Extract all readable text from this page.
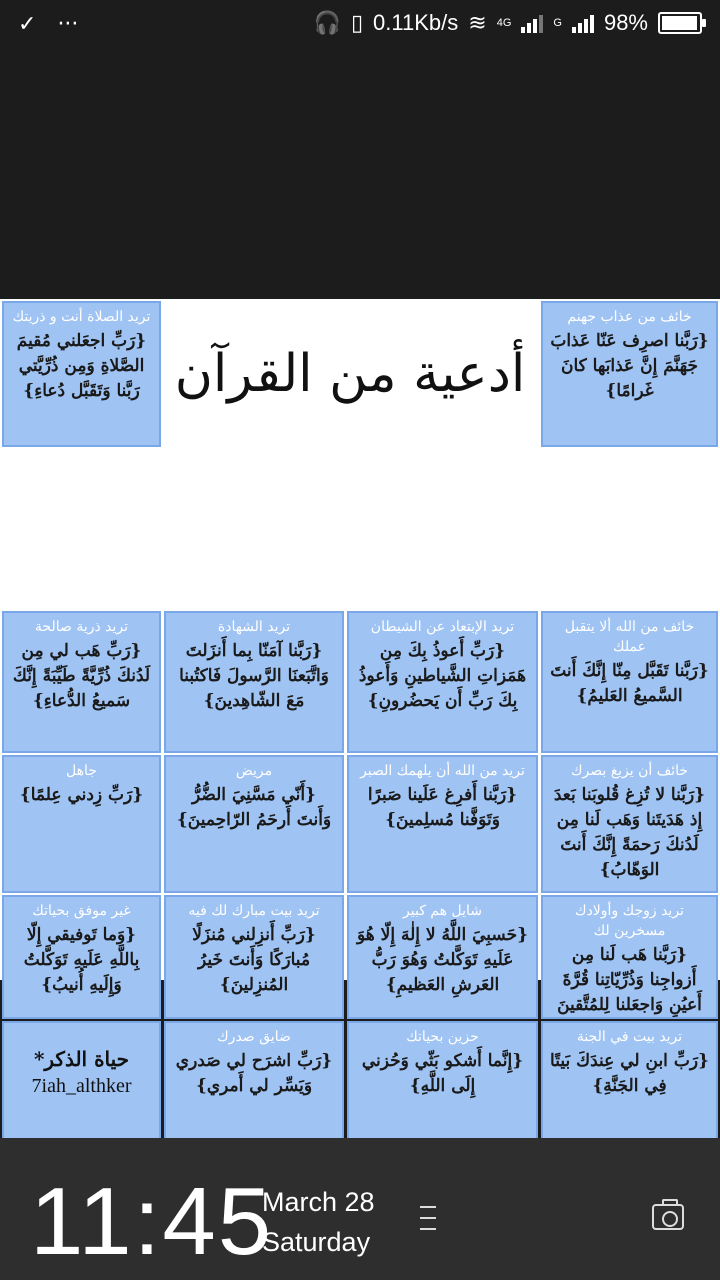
✓ ···	🎧 ▯ 0.11Kb/s ≋ 4G	G 98%
أدعية من القرآن
خائف من عذاب جهنم
{رَبَّنا اصرِف عَنّا عَذابَ جَهَنَّمَ إِنَّ عَذابَها كانَ غَرامًا}
تريد الصلاة أنت و ذريتك
{رَبِّ اجعَلني مُقيمَ الصَّلاةِ وَمِن ذُرِّيَّتي رَبَّنا وَتَقَبَّل دُعاءِ}
خائف من الله ألا يتقبل عملك
{رَبَّنا تَقَبَّل مِنّا إِنَّكَ أَنتَ السَّميعُ العَليمُ}
تريد الإبتعاد عن الشيطان
{رَبِّ أَعوذُ بِكَ مِن هَمَزاتِ الشَّياطينِ وَأَعوذُ بِكَ رَبِّ أَن يَحضُرونِ}
تريد الشهادة
{رَبَّنا آمَنّا بِما أَنزَلتَ وَاتَّبَعنَا الرَّسولَ فَاكتُبنا مَعَ الشّاهِدينَ}
تريد ذرية صالحة
{رَبِّ هَب لي مِن لَدُنكَ ذُرِّيَّةً طَيِّبَةً إِنَّكَ سَميعُ الدُّعاءِ}
خائف أن يزيغ بصرك
{رَبَّنا لا تُزِغ قُلوبَنا بَعدَ إِذ هَدَيتَنا وَهَب لَنا مِن لَدُنكَ رَحمَةً إِنَّكَ أَنتَ الوَهّابُ}
تريد من الله أن يلهمك الصبر
{رَبَّنا أَفرِغ عَلَينا صَبرًا وَتَوَفَّنا مُسلِمينَ}
مريض
{أَنّي مَسَّنِيَ الضُّرُّ وَأَنتَ أَرحَمُ الرّاحِمينَ}
جاهل
{رَبِّ زِدني عِلمًا}
تريد زوجك وأولادك مسخرين لك
{رَبَّنا هَب لَنا مِن أَزواجِنا وَذُرِّيّاتِنا قُرَّةَ أَعيُنٍ وَاجعَلنا لِلمُتَّقينَ
شايل هم كبير
{حَسبِيَ اللَّهُ لا إِلٰهَ إِلّا هُوَ عَلَيهِ تَوَكَّلتُ وَهُوَ رَبُّ العَرشِ العَظيمِ}
تريد بيت مبارك لك فيه
{رَبِّ أَنزِلني مُنزَلًا مُبارَكًا وَأَنتَ خَيرُ المُنزِلينَ}
غير موفق بحياتك
{وَما تَوفيقي إِلّا بِاللَّهِ عَلَيهِ تَوَكَّلتُ وَإِلَيهِ أُنيبُ}
تريد بيت في الجنة
{رَبِّ ابنِ لي عِندَكَ بَيتًا فِي الجَنَّةِ}
حزين بحياتك
{إِنَّما أَشكو بَثّي وَحُزني إِلَى اللَّهِ}
ضايق صدرك
{رَبِّ اشرَح لي صَدري وَيَسِّر لي أَمري}
حياة الذكر*
7iah_althker
11:45
March 28
Saturday
